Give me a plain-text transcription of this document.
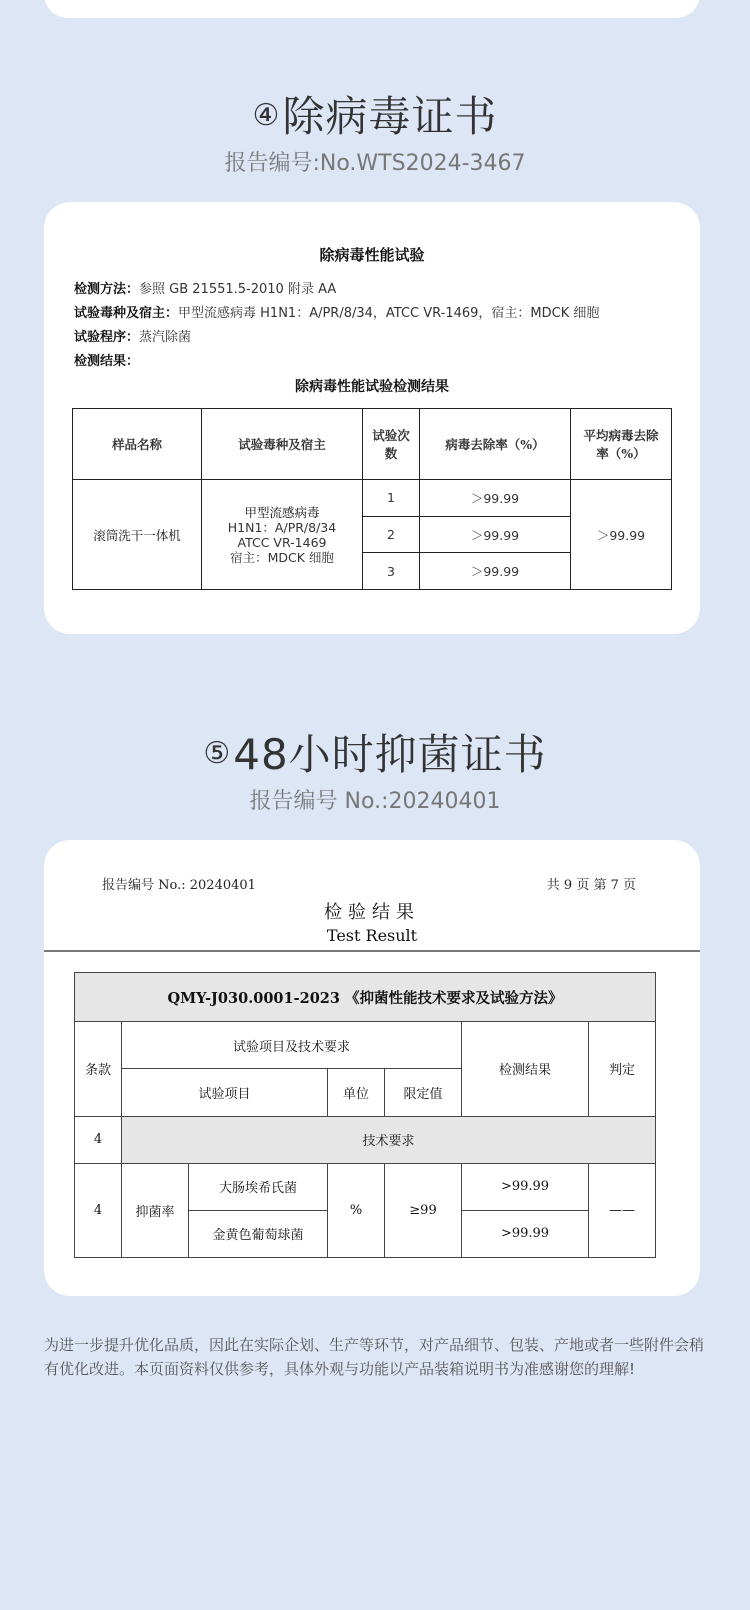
④除病毒证书
报告编号:No.WTS2024-3467
除病毒性能试验
检测方法：参照 GB 21551.5-2010 附录 AA
试验毒种及宿主：甲型流感病毒 H1N1：A/PR/8/34，ATCC VR-1469，宿主：MDCK 细胞
试验程序：蒸汽除菌
检测结果：
除病毒性能试验检测结果
样品名称	试验毒种及宿主	试验次数	病毒去除率（%）	平均病毒去除率（%）
滚筒洗干一体机	甲型流感病毒
H1N1：A/PR/8/34
ATCC VR-1469
宿主：MDCK 细胞	1	＞99.99	＞99.99
		2	＞99.99	
		3	＞99.99	
⑤48小时抑菌证书
报告编号 No.:20240401
报告编号 No.: 20240401	共 9 页 第 7 页
检验结果
Test Result
QMY-J030.0001-2023 《抑菌性能技术要求及试验方法》						
条款	试验项目及技术要求				检测结果	判定
	试验项目		单位	限定值		
4	技术要求					
4	抑菌率	大肠埃希氏菌	%	≥99	>99.99	——
		金黄色葡萄球菌			>99.99	
为进一步提升优化品质，因此在实际企划、生产等环节，对产品细节、包装、产地或者一些附件会稍有优化改进。本页面资料仅供参考，具体外观与功能以产品装箱说明书为准感谢您的理解!
